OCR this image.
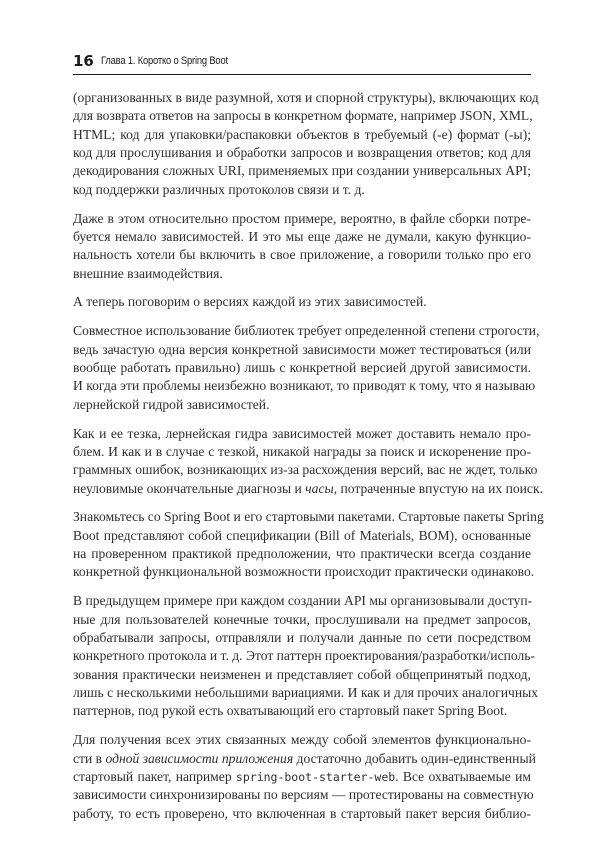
16 Глава 1. Коротко о Spring Boot

(организованных в виде разумной, хотя и спорной структуры), включающих код
для возврата ответов на запросы в конкретном формате, например JSON, XML,
HTML; код для упаковки/распаковки объектов в требуемый (-е) формат (-ы);
код для прослушивания и обработки запросов и возвращения ответов; код для
декодирования сложных URI, применяемых при создании универсальных API;
код поддержки различных протоколов связи и т. д.

Даже в этом относительно простом примере, вероятно, в файле сборки потре-
буется немало зависимостей. И это мы еще даже не думали, какую функцио-
нальность хотели бы включить в свое приложение, а говорили только про его
внешние взаимодействия.

А теперь поговорим о версиях каждой из этих зависимостей.

Совместное использование библиотек требует определенной степени строгости,
ведь зачастую одна версия конкретной зависимости может тестироваться (или
вообще работать правильно) лишь с конкретной версией другой зависимости.
И когда эти проблемы неизбежно возникают, то приводят к тому, что я называю
лернейской гидрой зависимостей.

Как и ее тезка, лернейская гидра зависимостей может доставить немало про-
блем. И как и в случае с тезкой, никакой награды за поиск и искоренение про-
граммных ошибок, возникающих из-за расхождения версий, вас не ждет, только
неуловимые окончательные диагнозы и часы, потраченные впустую на их поиск.

Знакомьтесь со Spring Boot и его стартовыми пакетами. Стартовые пакеты Spring
Boot представляют собой спецификации (Bill of Materials, BOM), основанные
на проверенном практикой предположении, что практически всегда создание
конкретной функциональной возможности происходит практически одинаково.

В предыдущем примере при каждом создании API мы организовывали доступ-
ные для пользователей конечные точки, прослушивали на предмет запросов,
обрабатывали запросы, отправляли и получали данные по сети посредством
конкретного протокола и т. д. Этот паттерн проектирования/разработки/исполь-
зования практически неизменен и представляет собой общепринятый подход,
лишь с несколькими небольшими вариациями. И как и для прочих аналогичных
паттернов, под рукой есть охватывающий его стартовый пакет Spring Boot.

Для получения всех этих связанных между собой элементов функционально-
сти в одной зависимости приложения достаточно добавить один-единственный
стартовый пакет, например spring-boot-starter-web. Все охватываемые им
зависимости синхронизированы по версиям — протестированы на совместную
работу, то есть проверено, что включенная в стартовый пакет версия библио-
